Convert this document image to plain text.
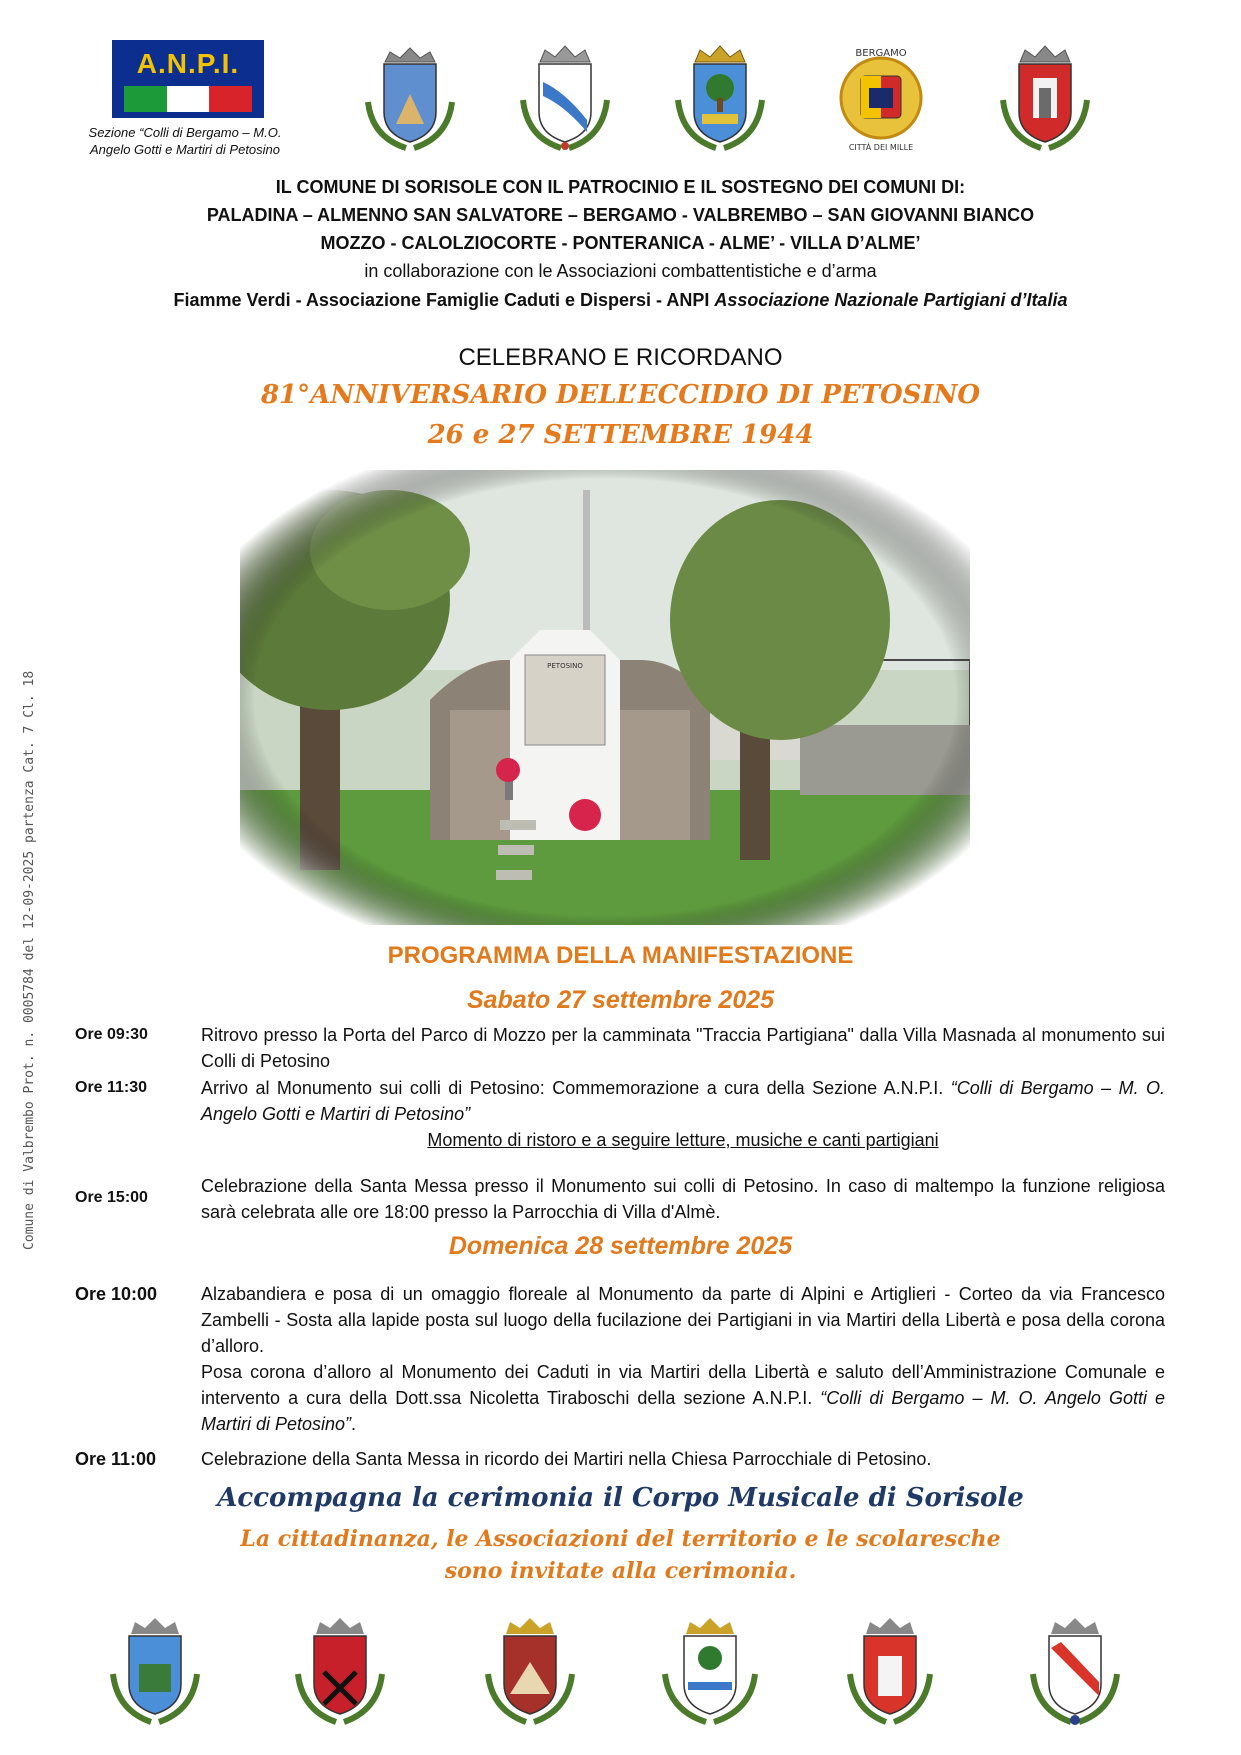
Comune di Valbrembo Prot. n. 0005784 del 12-09-2025 partenza Cat. 7 Cl. 18
A.N.P.I.
Sezione “Colli di Bergamo – M.O.
Angelo Gotti e Martiri di Petosino
BERGAMO
CITTÀ DEI MILLE
IL COMUNE DI SORISOLE CON IL PATROCINIO E IL SOSTEGNO DEI COMUNI DI:
PALADINA – ALMENNO SAN SALVATORE – BERGAMO - VALBREMBO – SAN GIOVANNI BIANCO
MOZZO - CALOLZIOCORTE - PONTERANICA - ALME’ - VILLA D’ALME’
in collaborazione con le Associazioni combattentistiche e d’arma
Fiamme Verdi - Associazione Famiglie Caduti e Dispersi - ANPI Associazione Nazionale Partigiani d’Italia
CELEBRANO E RICORDANO
81°ANNIVERSARIO DELL’ECCIDIO DI PETOSINO
26 e 27 SETTEMBRE 1944
PROGRAMMA DELLA MANIFESTAZIONE
Sabato 27 settembre 2025
Ore 09:30	Ritrovo presso la Porta del Parco di Mozzo per la camminata "Traccia Partigiana" dalla Villa Masnada al monumento sui Colli di Petosino
Ore 11:30	Arrivo al Monumento sui colli di Petosino: Commemorazione a cura della Sezione A.N.P.I. “Colli di Bergamo – M. O. Angelo Gotti e Martiri di Petosino”
Momento di ristoro e a seguire letture, musiche e canti partigiani
Ore 15:00
Celebrazione della Santa Messa presso il Monumento sui colli di Petosino. In caso di maltempo la funzione religiosa sarà celebrata alle ore 18:00 presso la Parrocchia di Villa d'Almè.
Domenica 28 settembre 2025
Ore 10:00 Alzabandiera e posa di un omaggio floreale al Monumento da parte di Alpini e Artiglieri - Corteo da via Francesco Zambelli - Sosta alla lapide posta sul luogo della fucilazione dei Partigiani in via Martiri della Libertà e posa della corona d’alloro.
Posa corona d’alloro al Monumento dei Caduti in via Martiri della Libertà e saluto dell’Amministrazione Comunale e intervento a cura della Dott.ssa Nicoletta Tiraboschi della sezione A.N.P.I. “Colli di Bergamo – M. O. Angelo Gotti e Martiri di Petosino”.
Ore 11:00 Celebrazione della Santa Messa in ricordo dei Martiri nella Chiesa Parrocchiale di Petosino.
Accompagna la cerimonia il Corpo Musicale di Sorisole
La cittadinanza, le Associazioni del territorio e le scolaresche
sono invitate alla cerimonia.
